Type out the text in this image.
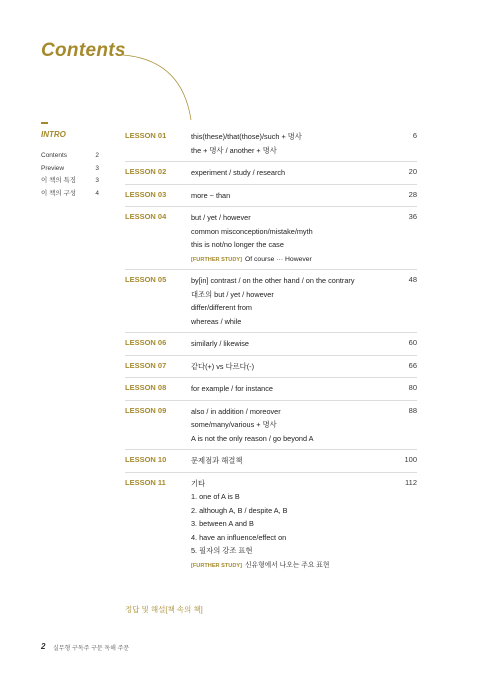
Contents
INTRO
Contents	2
Preview	3
이 책의 특징	3
이 책의 구성	4
LESSON 01	6
this(these)/that(those)/such + 명사
the + 명사 / another + 명사
LESSON 02	20
experiment / study / research
LESSON 03	28
more ~ than
LESSON 04	36
but / yet / however
common misconception/mistake/myth
this is not/no longer the case
[FURTHER STUDY] Of course ··· However
LESSON 05	48
by[in] contrast / on the other hand / on the contrary
대조의 but / yet / however
differ/different from
whereas / while
LESSON 06	60
similarly / likewise
LESSON 07	66
같다(+) vs 다르다(-)
LESSON 08	80
for example / for instance
LESSON 09	88
also / in addition / moreover
some/many/various + 명사
A is not the only reason / go beyond A
LESSON 10	100
문제점과 해결책
LESSON 11	112
기타
1. one of A is B
2. although A, B / despite A, B
3. between A and B
4. have an influence/effect on
5. 필자의 강조 표현
[FURTHER STUDY] 신유형에서 나오는 주요 표현
정답 및 해설[책 속의 책]
2 실무형 구독주 구문 독해 주문
